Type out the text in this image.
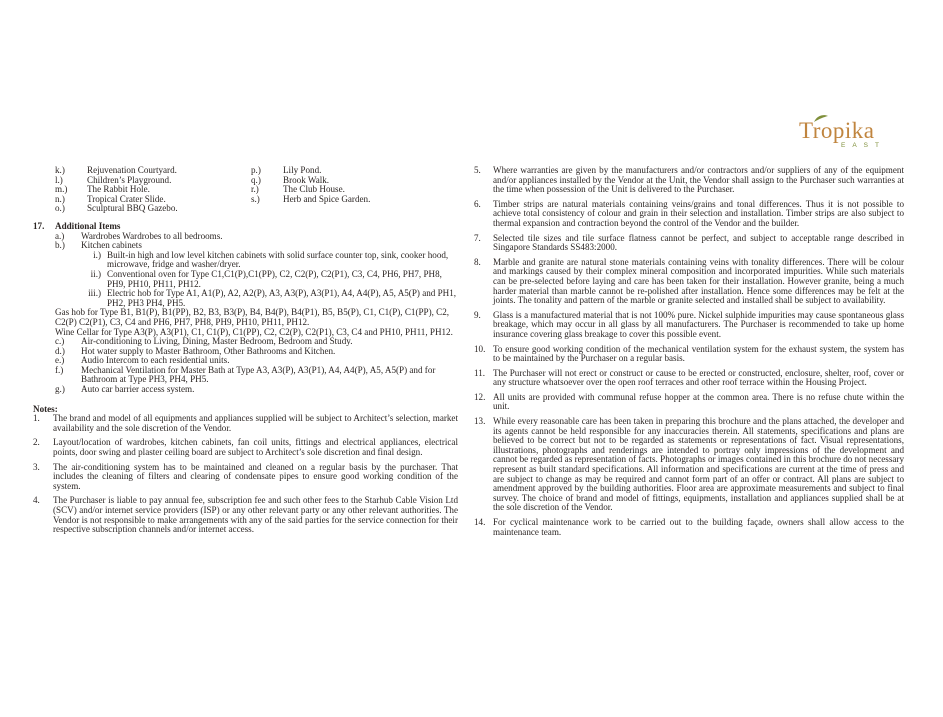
Tropika
EAST
k.)	Rejuvenation Courtyard.
l.)	Children’s Playground.
m.)	The Rabbit Hole.
n.)	Tropical Crater Slide.
o.)	Sculptural BBQ Gazebo.
p.)	Lily Pond.
q.)	Brook Walk.
r.)	The Club House.
s.)	Herb and Spice Garden.
17.	Additional Items
a.)	Wardrobes Wardrobes to all bedrooms.
b.)	Kitchen cabinets
i.) Built-in high and low level kitchen cabinets with solid surface counter top, sink, cooker hood, microwave, fridge and washer/dryer.
ii.) Conventional oven for Type C1,C1(P),C1(PP), C2, C2(P), C2(P1), C3, C4, PH6, PH7, PH8, PH9, PH10, PH11, PH12.
iii.) Electric hob for Type A1, A1(P), A2, A2(P), A3, A3(P), A3(P1), A4, A4(P), A5, A5(P) and PH1, PH2, PH3 PH4, PH5.
Gas hob for Type B1, B1(P), B1(PP), B2, B3, B3(P), B4, B4(P), B4(P1), B5, B5(P), C1, C1(P), C1(PP), C2, C2(P) C2(P1), C3, C4 and PH6, PH7, PH8, PH9, PH10, PH11, PH12.
Wine Cellar for Type A3(P), A3(P1), C1, C1(P), C1(PP), C2, C2(P), C2(P1), C3, C4 and PH10, PH11, PH12.
c.)	Air-conditioning to Living, Dining, Master Bedroom, Bedroom and Study.
d.)	Hot water supply to Master Bathroom, Other Bathrooms and Kitchen.
e.)	Audio Intercom to each residential units.
f.)	Mechanical Ventilation for Master Bath at Type A3, A3(P), A3(P1), A4, A4(P), A5, A5(P) and for Bathroom at Type PH3, PH4, PH5.
g.)	Auto car barrier access system.
Notes:
1.	The brand and model of all equipments and appliances supplied will be subject to Architect’s selection, market availability and the sole discretion of the Vendor.
2.	Layout/location of wardrobes, kitchen cabinets, fan coil units, fittings and electrical appliances, electrical points, door swing and plaster ceiling board are subject to Architect’s sole discretion and final design.
3.	The air-conditioning system has to be maintained and cleaned on a regular basis by the purchaser. That includes the cleaning of filters and clearing of condensate pipes to ensure good working condition of the system.
4.	The Purchaser is liable to pay annual fee, subscription fee and such other fees to the Starhub Cable Vision Ltd (SCV) and/or internet service providers (ISP) or any other relevant party or any other relevant authorities. The Vendor is not responsible to make arrangements with any of the said parties for the service connection for their respective subscription channels and/or internet access.
5.	Where warranties are given by the manufacturers and/or contractors and/or suppliers of any of the equipment and/or appliances installed by the Vendor at the Unit, the Vendor shall assign to the Purchaser such warranties at the time when possession of the Unit is delivered to the Purchaser.
6.	Timber strips are natural materials containing veins/grains and tonal differences. Thus it is not possible to achieve total consistency of colour and grain in their selection and installation. Timber strips are also subject to thermal expansion and contraction beyond the control of the Vendor and the builder.
7.	Selected tile sizes and tile surface flatness cannot be perfect, and subject to acceptable range described in Singapore Standards SS483:2000.
8.	Marble and granite are natural stone materials containing veins with tonality differences. There will be colour and markings caused by their complex mineral composition and incorporated impurities. While such materials can be pre-selected before laying and care has been taken for their installation. However granite, being a much harder material than marble cannot be re-polished after installation. Hence some differences may be felt at the joints. The tonality and pattern of the marble or granite selected and installed shall be subject to availability.
9.	Glass is a manufactured material that is not 100% pure. Nickel sulphide impurities may cause spontaneous glass breakage, which may occur in all glass by all manufacturers. The Purchaser is recommended to take up home insurance covering glass breakage to cover this possible event.
10. To ensure good working condition of the mechanical ventilation system for the exhaust system, the system has to be maintained by the Purchaser on a regular basis.
11. The Purchaser will not erect or construct or cause to be erected or constructed, enclosure, shelter, roof, cover or any structure whatsoever over the open roof terraces and other roof terrace within the Housing Project.
12. All units are provided with communal refuse hopper at the common area. There is no refuse chute within the unit.
13. While every reasonable care has been taken in preparing this brochure and the plans attached, the developer and its agents cannot be held responsible for any inaccuracies therein. All statements, specifications and plans are believed to be correct but not to be regarded as statements or representations of fact. Visual representations, illustrations, photographs and renderings are intended to portray only impressions of the development and cannot be regarded as representation of facts. Photographs or images contained in this brochure do not necessary represent as built standard specifications. All information and specifications are current at the time of press and are subject to change as may be required and cannot form part of an offer or contract. All plans are subject to amendment approved by the building authorities. Floor area are approximate measurements and subject to final survey. The choice of brand and model of fittings, equipments, installation and appliances supplied shall be at the sole discretion of the Vendor.
14. For cyclical maintenance work to be carried out to the building façade, owners shall allow access to the maintenance team.
